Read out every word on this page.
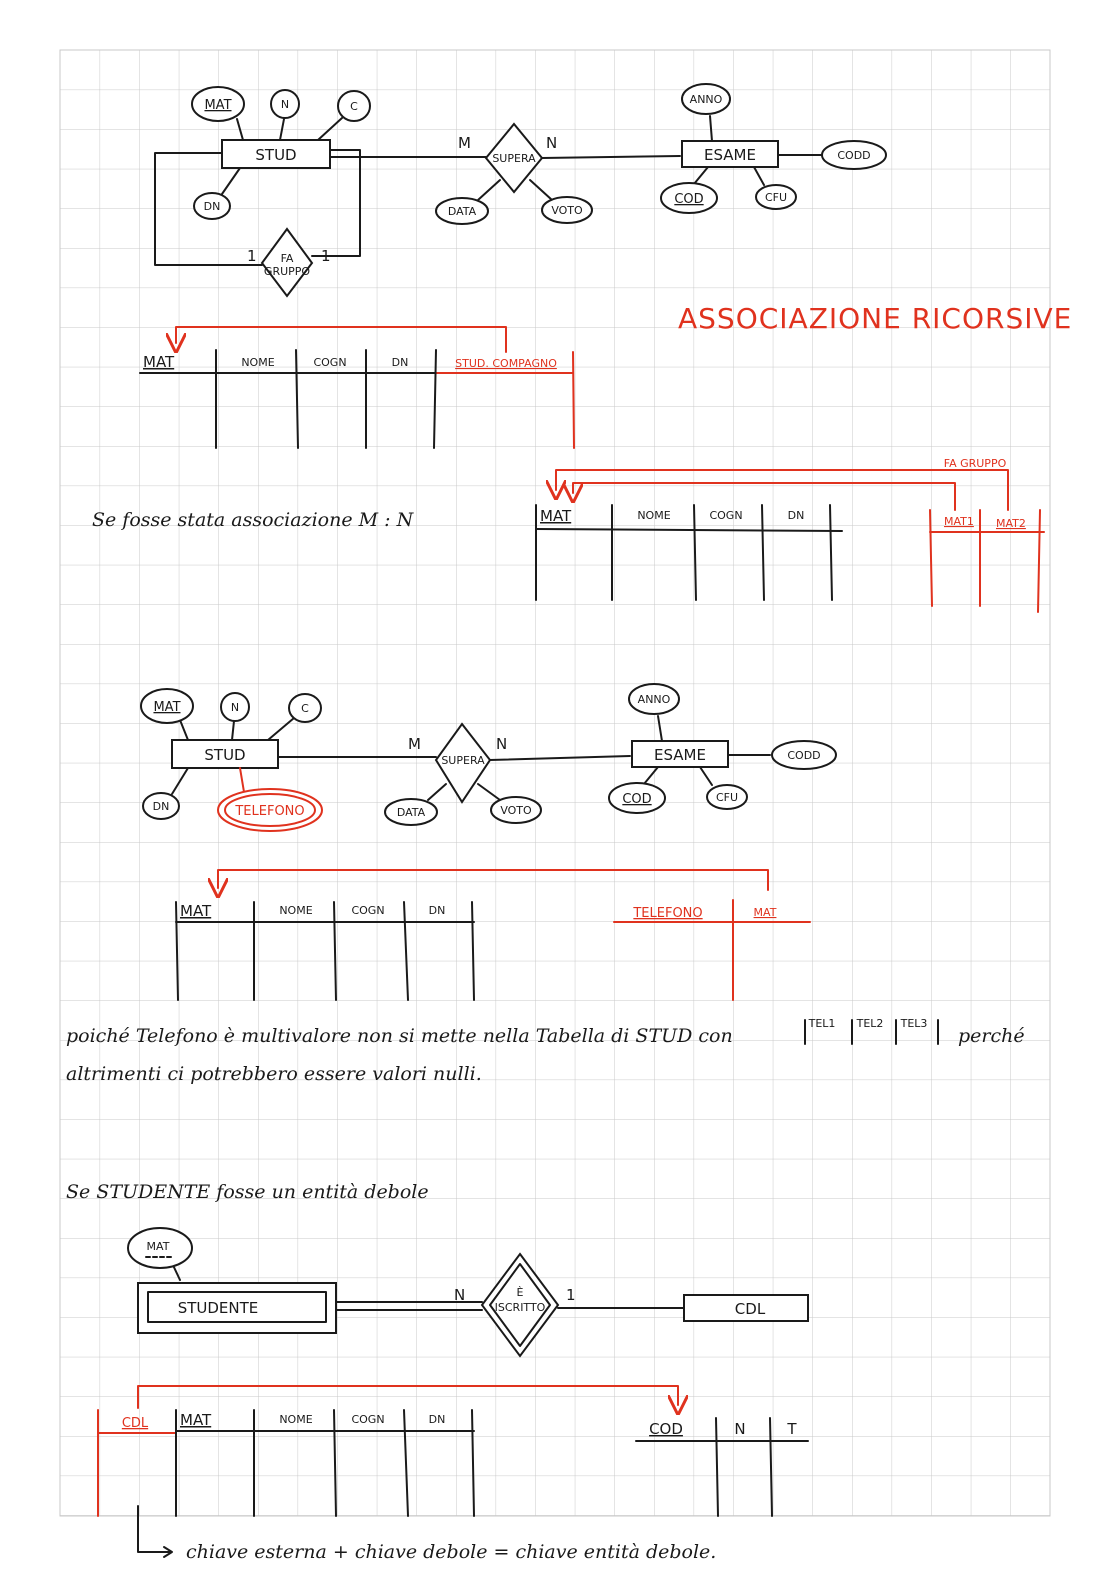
STUD
MAT	N	C
DN
FA
GRUPPO
1	1
SUPERA
M	N
DATA	VOTO
ESAME
ANNO
CODD
COD	CFU
ASSOCIAZIONE RICORSIVE
MAT	NOME	COGN	DN	STUD. COMPAGNO
Se fosse stata associazione M : N
FA GRUPPO
MAT	NOME	COGN	DN	MAT1 MAT2
STUD
MAT	N	C
DN	TELEFONO
SUPERA
M	N
DATA	VOTO
ESAME
ANNO
CODD
COD	CFU
MAT	NOME	COGN	DN	TELEFONO	MAT
poiché Telefono è multivalore non si mette nella Tabella di STUD con
TEL1 TEL2 TEL3
perché
altrimenti ci potrebbero essere valori nulli.
Se STUDENTE fosse un entità debole
MAT
STUDENTE
È
ISCRITTO
N	1
CDL
CDL MAT	NOME	COGN	DN
COD	N	T
chiave esterna + chiave debole = chiave entità debole.
